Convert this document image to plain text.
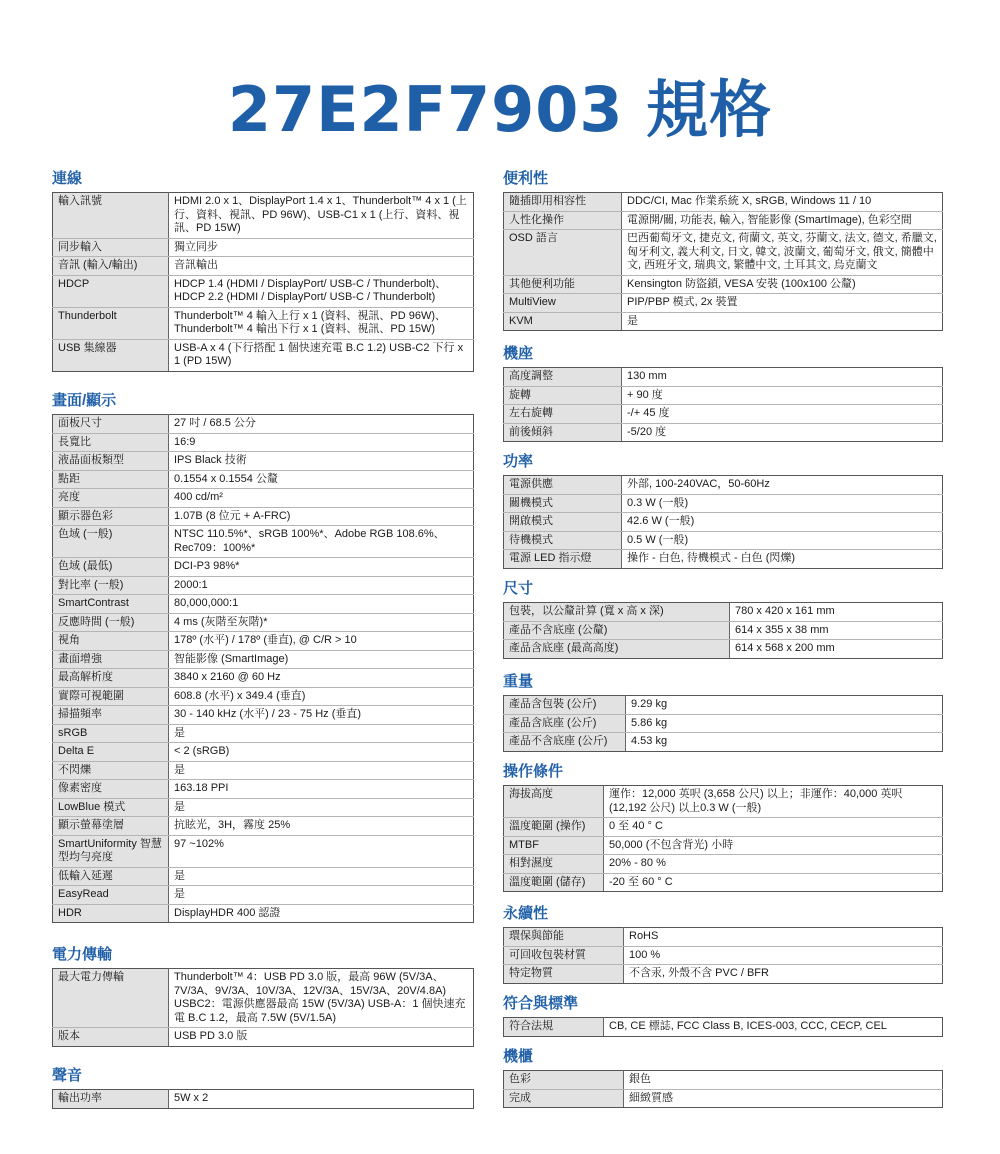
27E2F7903 規格
連線
輸入訊號	HDMI 2.0 x 1、DisplayPort 1.4 x 1、Thunderbolt™ 4 x 1 (上行、資料、視訊、PD 96W)、USB-C1 x 1 (上行、資料、視訊、PD 15W)
同步輸入	獨立同步
音訊 (輸入/輸出)	音訊輸出
HDCP	HDCP 1.4 (HDMI / DisplayPort/ USB-C / Thunderbolt)、HDCP 2.2 (HDMI / DisplayPort/ USB-C / Thunderbolt)
Thunderbolt	Thunderbolt™ 4 輸入上行 x 1 (資料、視訊、PD 96W)、Thunderbolt™ 4 輸出下行 x 1 (資料、視訊、PD 15W)
USB 集線器	USB-A x 4 (下行搭配 1 個快速充電 B.C 1.2) USB-C2 下行 x 1 (PD 15W)
畫面/顯示
面板尺寸	27 吋 / 68.5 公分
長寬比	16:9
液晶面板類型	IPS Black 技術
點距	0.1554 x 0.1554 公釐
亮度	400 cd/m²
顯示器色彩	1.07B (8 位元 + A-FRC)
色域 (一般)	NTSC 110.5%*、sRGB 100%*、Adobe RGB 108.6%、Rec709：100%*
色域 (最低)	DCI-P3 98%*
對比率 (一般)	2000:1
SmartContrast	80,000,000:1
反應時間 (一般)	4 ms (灰階至灰階)*
視角	178º (水平) / 178º (垂直), @ C/R > 10
畫面增強	智能影像 (SmartImage)
最高解析度	3840 x 2160 @ 60 Hz
實際可視範圍	608.8 (水平) x 349.4 (垂直)
掃描頻率	30 - 140 kHz (水平) / 23 - 75 Hz (垂直)
sRGB	是
Delta E	< 2 (sRGB)
不閃爍	是
像素密度	163.18 PPI
LowBlue 模式	是
顯示螢幕塗層	抗眩光，3H，霧度 25%
SmartUniformity 智慧型均勻亮度	97 ~102%
低輸入延遲	是
EasyRead	是
HDR	DisplayHDR 400 認證
電力傳輸
最大電力傳輸	Thunderbolt™ 4：USB PD 3.0 版，最高 96W (5V/3A、7V/3A、9V/3A、10V/3A、12V/3A、15V/3A、20V/4.8A) USBC2：電源供應器最高 15W (5V/3A) USB-A：1 個快速充電 B.C 1.2，最高 7.5W (5V/1.5A)
版本	USB PD 3.0 版
聲音
輸出功率	5W x 2
便利性
隨插即用相容性	DDC/CI, Mac 作業系統 X, sRGB, Windows 11 / 10
人性化操作	電源開/關, 功能表, 輸入, 智能影像 (SmartImage), 色彩空間
OSD 語言	巴西葡萄牙文, 捷克文, 荷蘭文, 英文, 芬蘭文, 法文, 德文, 希臘文, 匈牙利文, 義大利文, 日文, 韓文, 波蘭文, 葡萄牙文, 俄文, 簡體中文, 西班牙文, 瑞典文, 繁體中文, 土耳其文, 烏克蘭文
其他便利功能	Kensington 防盜鎖, VESA 安裝 (100x100 公釐)
MultiView	PIP/PBP 模式, 2x 裝置
KVM	是
機座
高度調整	130 mm
旋轉	+ 90 度
左右旋轉	-/+ 45 度
前後傾斜	-5/20 度
功率
電源供應	外部, 100-240VAC，50-60Hz
關機模式	0.3 W (一般)
開啟模式	42.6 W (一般)
待機模式	0.5 W (一般)
電源 LED 指示燈	操作 - 白色, 待機模式 - 白色 (閃爍)
尺寸
包裝，以公釐計算 (寬 x 高 x 深)	780 x 420 x 161 mm
產品不含底座 (公釐)	614 x 355 x 38 mm
產品含底座 (最高高度)	614 x 568 x 200 mm
重量
產品含包裝 (公斤)	9.29 kg
產品含底座 (公斤)	5.86 kg
產品不含底座 (公斤)	4.53 kg
操作條件
海拔高度	運作：12,000 英呎 (3,658 公尺) 以上；非運作：40,000 英呎 (12,192 公尺) 以上0.3 W (一般)
溫度範圍 (操作)	0 至 40 ° C
MTBF	50,000 (不包含背光) 小時
相對濕度	20% - 80 %
溫度範圍 (儲存)	-20 至 60 ° C
永續性
環保與節能	RoHS
可回收包裝材質	100 %
特定物質	不含汞, 外殼不含 PVC / BFR
符合與標準
符合法規	CB, CE 標誌, FCC Class B, ICES-003, CCC, CECP, CEL
機櫃
色彩	銀色
完成	細緻質感
